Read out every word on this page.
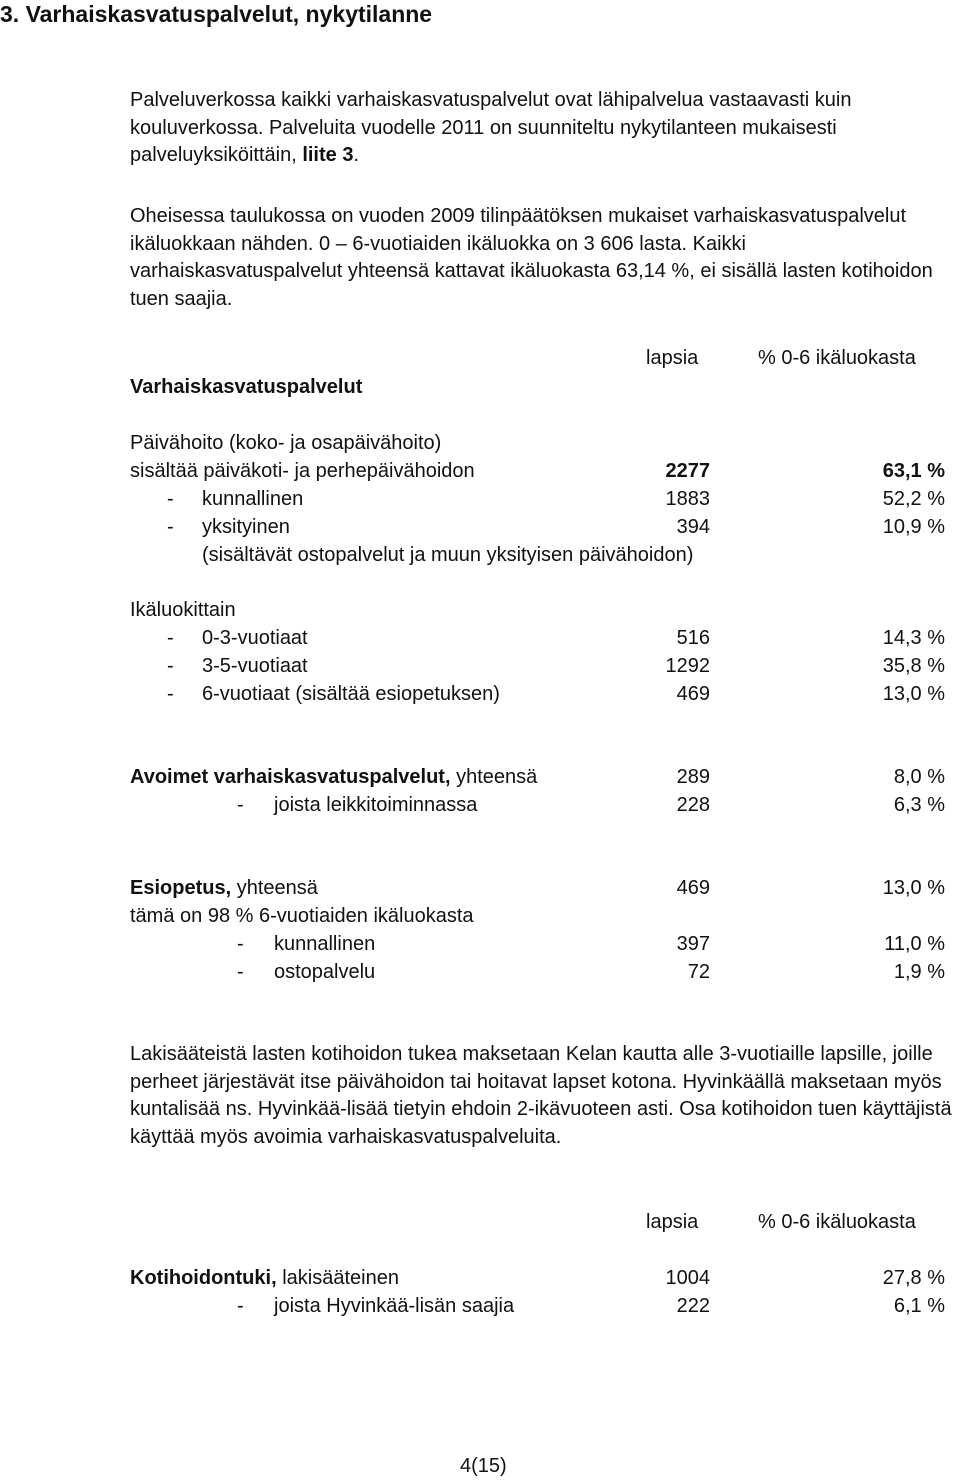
3. Varhaiskasvatuspalvelut, nykytilanne

Palveluverkossa kaikki varhaiskasvatuspalvelut ovat lähipalvelua vastaavasti kuin kouluverkossa. Palveluita vuodelle 2011 on suunniteltu nykytilanteen mukaisesti palveluyksiköittäin, liite 3.

Oheisessa taulukossa on vuoden 2009 tilinpäätöksen mukaiset varhaiskasvatuspalvelut ikäluokkaan nähden. 0 – 6-vuotiaiden ikäluokka on 3 606 lasta. Kaikki varhaiskasvatuspalvelut yhteensä kattavat ikäluokasta 63,14 %, ei sisällä lasten kotihoidon tuen saajia.

lapsia	% 0-6 ikäluokasta
Varhaiskasvatuspalvelut
Päivähoito (koko- ja osapäivähoito)
sisältää päiväkoti- ja perhepäivähoidon	2277	63,1 %
- kunnallinen	1883	52,2 %
- yksityinen	394	10,9 %
(sisältävät ostopalvelut ja muun yksityisen päivähoidon)
Ikäluokittain
- 0-3-vuotiaat	516	14,3 %
- 3-5-vuotiaat	1292	35,8 %
- 6-vuotiaat (sisältää esiopetuksen)	469	13,0 %
Avoimet varhaiskasvatuspalvelut, yhteensä	289	8,0 %
- joista leikkitoiminnassa	228	6,3 %
Esiopetus, yhteensä	469	13,0 %
tämä on 98 % 6-vuotiaiden ikäluokasta
- kunnallinen	397	11,0 %
- ostopalvelu	72	1,9 %

Lakisääteistä lasten kotihoidon tukea maksetaan Kelan kautta alle 3-vuotiaille lapsille, joille perheet järjestävät itse päivähoidon tai hoitavat lapset kotona. Hyvinkäällä maksetaan myös kuntalisää ns. Hyvinkää-lisää tietyin ehdoin 2-ikävuoteen asti. Osa kotihoidon tuen käyttäjistä käyttää myös avoimia varhaiskasvatuspalveluita.

lapsia	% 0-6 ikäluokasta
Kotihoidontuki, lakisääteinen	1004	27,8 %
- joista Hyvinkää-lisän saajia	222	6,1 %
4(15)
